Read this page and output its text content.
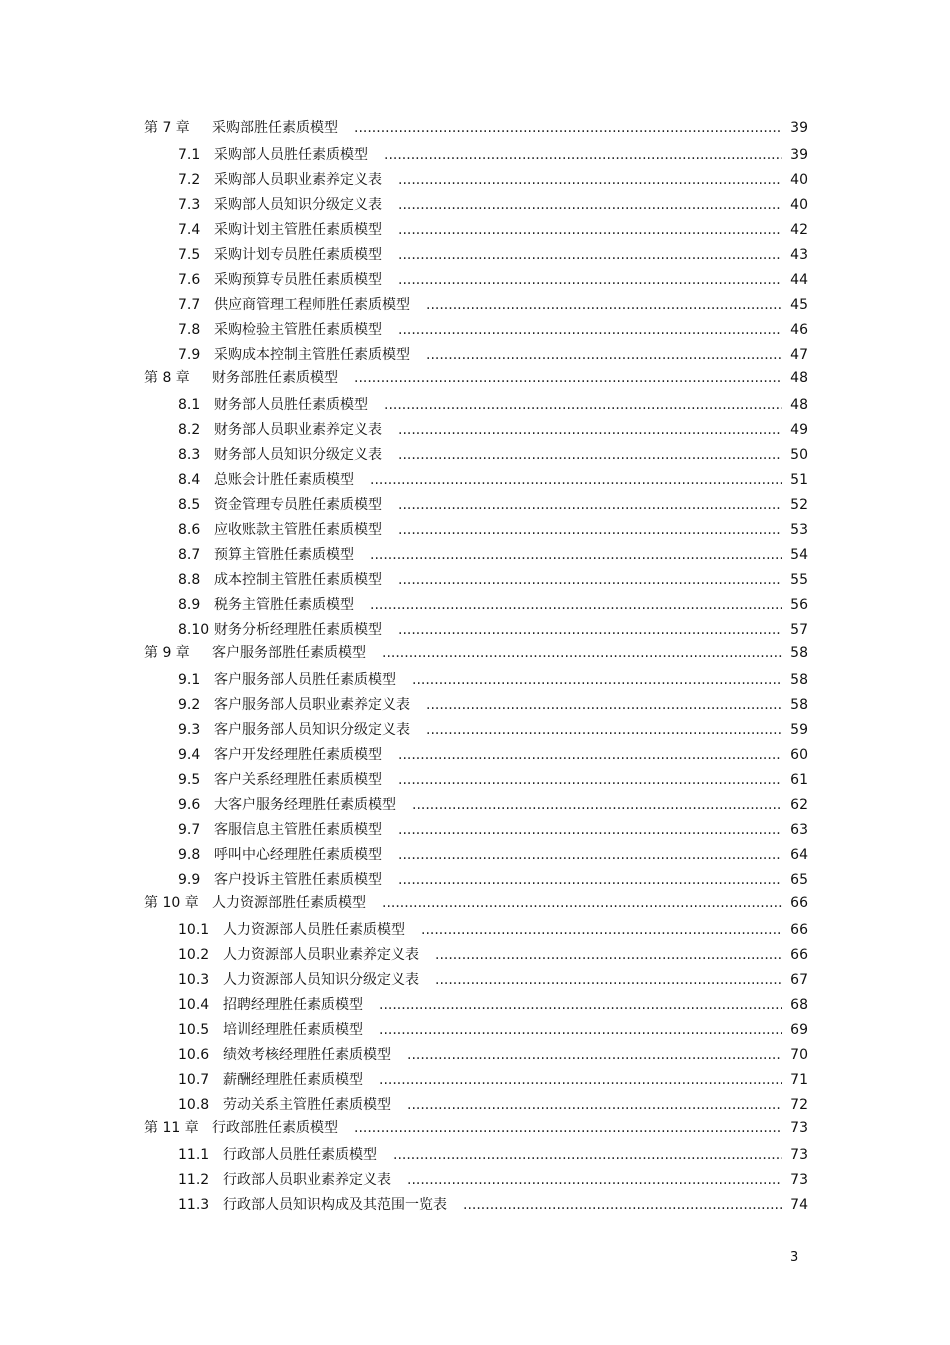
第 7 章 采购部胜任素质模型 .....	39
7.1 采购部人员胜任素质模型 .....	39
7.2 采购部人员职业素养定义表 .....	40
7.3 采购部人员知识分级定义表 .....	40
7.4 采购计划主管胜任素质模型 .....	42
7.5 采购计划专员胜任素质模型 .....	43
7.6 采购预算专员胜任素质模型 .....	44
7.7 供应商管理工程师胜任素质模型 .....	45
7.8 采购检验主管胜任素质模型 .....	46
7.9 采购成本控制主管胜任素质模型 .....	47
第 8 章 财务部胜任素质模型 .....	48
8.1 财务部人员胜任素质模型 .....	48
8.2 财务部人员职业素养定义表 .....	49
8.3 财务部人员知识分级定义表 .....	50
8.4 总账会计胜任素质模型 .....	51
8.5 资金管理专员胜任素质模型 .....	52
8.6 应收账款主管胜任素质模型 .....	53
8.7 预算主管胜任素质模型 .....	54
8.8 成本控制主管胜任素质模型 .....	55
8.9 税务主管胜任素质模型 .....	56
8.10 财务分析经理胜任素质模型 .....	57
第 9 章 客户服务部胜任素质模型 .....	58
9.1 客户服务部人员胜任素质模型 .....	58
9.2 客户服务部人员职业素养定义表 .....	58
9.3 客户服务部人员知识分级定义表 .....	59
9.4 客户开发经理胜任素质模型 .....	60
9.5 客户关系经理胜任素质模型 .....	61
9.6 大客户服务经理胜任素质模型 .....	62
9.7 客服信息主管胜任素质模型 .....	63
9.8 呼叫中心经理胜任素质模型 .....	64
9.9 客户投诉主管胜任素质模型 .....	65
第 10 章 人力资源部胜任素质模型 .....	66
10.1 人力资源部人员胜任素质模型 .....	66
10.2 人力资源部人员职业素养定义表 .....	66
10.3 人力资源部人员知识分级定义表 .....	67
10.4 招聘经理胜任素质模型 .....	68
10.5 培训经理胜任素质模型 .....	69
10.6 绩效考核经理胜任素质模型 .....	70
10.7 薪酬经理胜任素质模型 .....	71
10.8 劳动关系主管胜任素质模型 .....	72
第 11 章 行政部胜任素质模型 .....	73
11.1 行政部人员胜任素质模型 .....	73
11.2 行政部人员职业素养定义表 .....	73
11.3 行政部人员知识构成及其范围一览表 .....	74
3
